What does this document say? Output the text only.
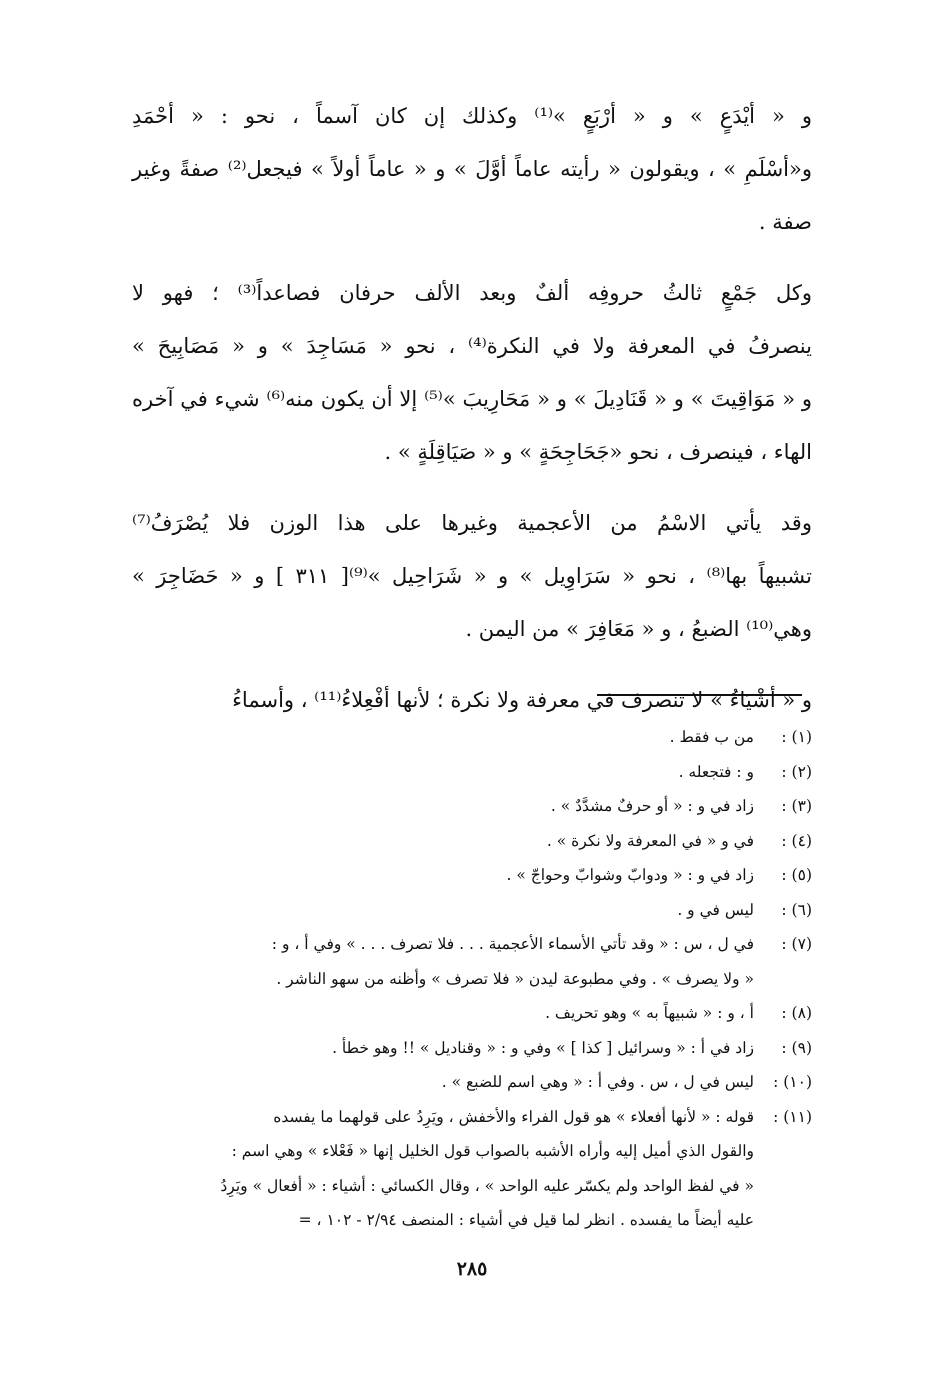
و « أيْدَعٍ » و « أرْبَعٍ »⁽¹⁾ وكذلك إن كان آسماً ، نحو : « أحْمَدِ
و«أسْلَمِ » ، ويقولون « رأيته عاماً أوَّلَ » و « عاماً أولاً » فيجعل⁽²⁾ صفةً وغير
صفة .
وكل جَمْعٍ ثالثُ حروفِه ألفٌ وبعد الألف حرفان فصاعداً⁽³⁾ ؛ فهو لا
ينصرفُ في المعرفة ولا في النكرة⁽⁴⁾ ، نحو « مَسَاجِدَ » و « مَصَابِيحَ »
و « مَوَاقِيتَ » و « قَنَادِيلَ » و « مَحَارِيبَ »⁽⁵⁾ إلا أن يكون منه⁽⁶⁾ شيء في آخره
الهاء ، فينصرف ، نحو «جَحَاجِحَةٍ » و « صَيَاقِلَةٍ » .
وقد يأتي الاسْمُ من الأعجمية وغيرها على هذا الوزن فلا يُصْرَفُ⁽⁷⁾
تشبيهاً بها⁽⁸⁾ ، نحو « سَرَاوِيل » و « شَرَاحِيل »⁽⁹⁾[ ٣١١ ] و « حَضَاجِرَ »
وهي⁽¹⁰⁾ الضبعُ ، و « مَعَافِرَ » من اليمن .
و « أشْيَاءُ » لا تنصرف في معرفة ولا نكرة ؛ لأنها أفْعِلاءُ⁽¹¹⁾ ، وأسماءُ
(١) :من ب فقط .
(٢) :و : فتجعله .
(٣) :زاد في و : « أو حرفٌ مشدَّدٌ » .
(٤) :في و « في المعرفة ولا نكرة » .
(٥) :زاد في و : « ودوابّ وشوابّ وحواجّ » .
(٦) :ليس في و .
(٧) :في ل ، س : « وقد تأتي الأسماء الأعجمية . . . فلا تصرف . . . » وفي أ ، و :
« ولا يصرف » . وفي مطبوعة ليدن « فلا تصرف » وأظنه من سهو الناشر .
(٨) :أ ، و : « شبيهاً به » وهو تحريف .
(٩) :زاد في أ : « وسرائيل [ كذا ] » وفي و : « وقناديل » !! وهو خطأ .
(١٠) :ليس في ل ، س . وفي أ : « وهي اسم للضبع » .
(١١) :قوله : « لأنها أفعلاء » هو قول الفراء والأخفش ، ويَرِدُ على قولهما ما يفسده
والقول الذي أميل إليه وأراه الأشبه بالصواب قول الخليل إنها « فَعْلاء » وهي اسم :
« في لفظ الواحد ولم يكسّر عليه الواحد » ، وقال الكسائي : أشياء : « أفعال » ويَرِدُ
عليه أيضاً ما يفسده . انظر لما قيل في أشياء : المنصف ٢/٩٤ - ١٠٢ ، =
٢٨٥
